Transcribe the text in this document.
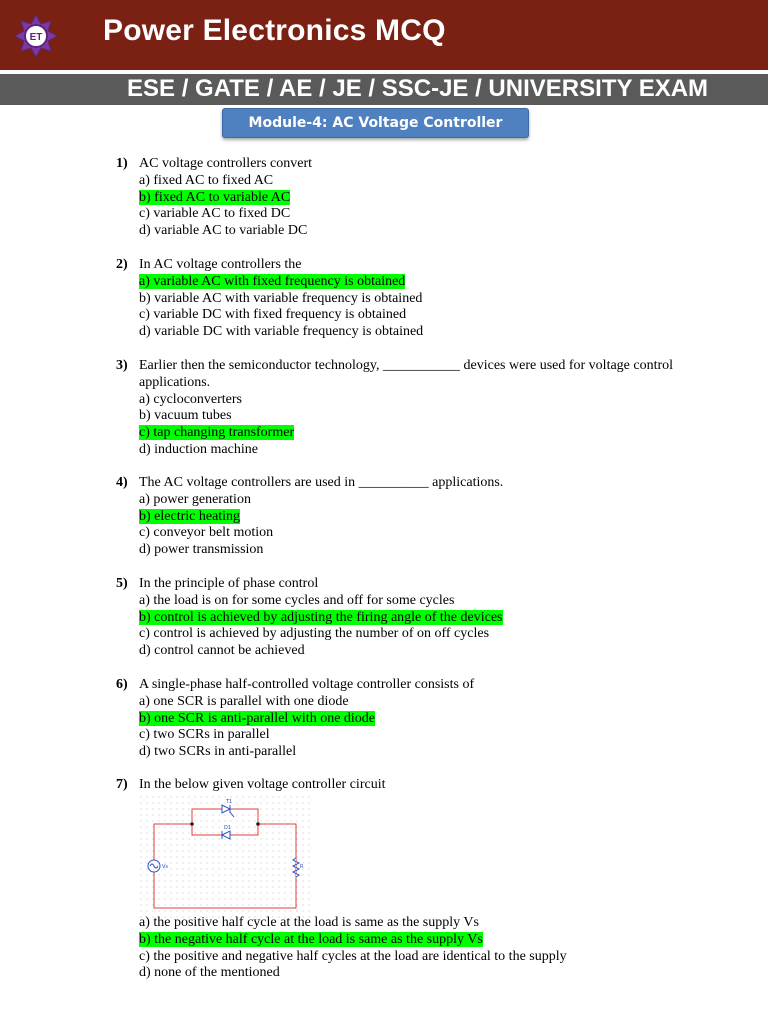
ET Power Electronics MCQ
ESE / GATE / AE / JE / SSC-JE / UNIVERSITY EXAM
Module-4: AC Voltage Controller
1) AC voltage controllers convert
a) fixed AC to fixed AC
b) fixed AC to variable AC
c) variable AC to fixed DC
d) variable AC to variable DC
2) In AC voltage controllers the
a) variable AC with fixed frequency is obtained
b) variable AC with variable frequency is obtained
c) variable DC with fixed frequency is obtained
d) variable DC with variable frequency is obtained
3) Earlier then the semiconductor technology, ___________ devices were used for voltage control applications.
a) cycloconverters
b) vacuum tubes
c) tap changing transformer
d) induction machine
4) The AC voltage controllers are used in __________ applications.
a) power generation
b) electric heating
c) conveyor belt motion
d) power transmission
5) In the principle of phase control
a) the load is on for some cycles and off for some cycles
b) control is achieved by adjusting the firing angle of the devices
c) control is achieved by adjusting the number of on off cycles
d) control cannot be achieved
6) A single-phase half-controlled voltage controller consists of
a) one SCR is parallel with one diode
b) one SCR is anti-parallel with one diode
c) two SCRs in parallel
d) two SCRs in anti-parallel
7) In the below given voltage controller circuit
T1
D1
Vs	R
a) the positive half cycle at the load is same as the supply Vs
b) the negative half cycle at the load is same as the supply Vs
c) the positive and negative half cycles at the load are identical to the supply
d) none of the mentioned
